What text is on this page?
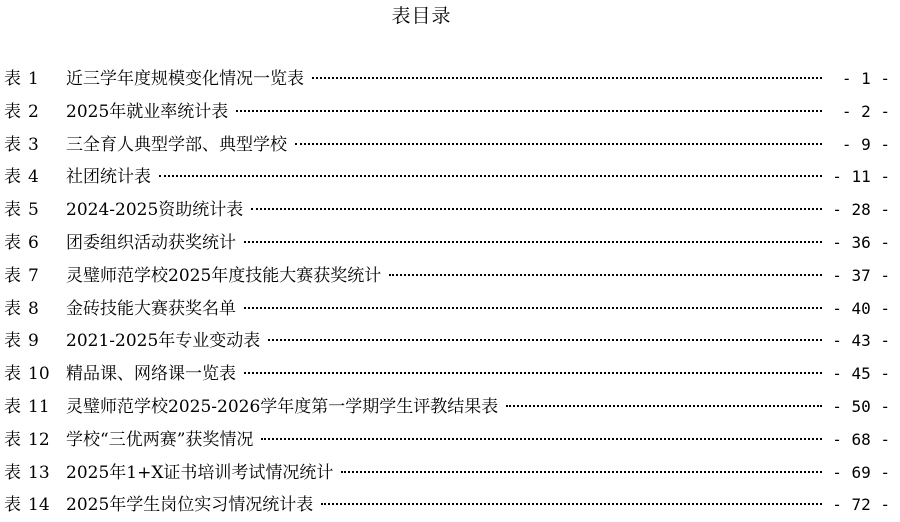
表目录
表 1	近三学年度规模变化情况一览表	- 1 -
表 2	2025年就业率统计表	- 2 -
表 3	三全育人典型学部、典型学校	- 9 -
表 4	社团统计表	- 11 -
表 5	2024-2025资助统计表	- 28 -
表 6	团委组织活动获奖统计	- 36 -
表 7	灵璧师范学校2025年度技能大赛获奖统计	- 37 -
表 8	金砖技能大赛获奖名单	- 40 -
表 9	2021-2025年专业变动表	- 43 -
表 10 精品课、网络课一览表	- 45 -
表 11 灵璧师范学校2025-2026学年度第一学期学生评教结果表	- 50 -
表 12 学校“三优两赛”获奖情况	- 68 -
表 13 2025年1+X证书培训考试情况统计	- 69 -
表 14 2025年学生岗位实习情况统计表	- 72 -
